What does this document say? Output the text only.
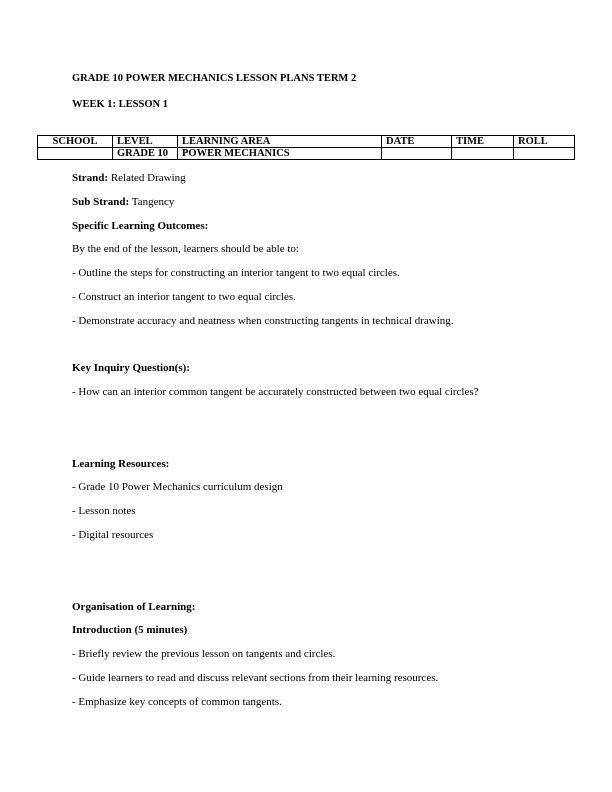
GRADE 10 POWER MECHANICS LESSON PLANS TERM 2
WEEK 1: LESSON 1
SCHOOL	LEVEL	LEARNING AREA	DATE	TIME	ROLL
	GRADE 10	POWER MECHANICS			
Strand: Related Drawing
Sub Strand: Tangency
Specific Learning Outcomes:
By the end of the lesson, learners should be able to:
- Outline the steps for constructing an interior tangent to two equal circles.
- Construct an interior tangent to two equal circles.
- Demonstrate accuracy and neatness when constructing tangents in technical drawing.
Key Inquiry Question(s):
- How can an interior common tangent be accurately constructed between two equal circles?
Learning Resources:
- Grade 10 Power Mechanics curriculum design
- Lesson notes
- Digital resources
Organisation of Learning:
Introduction (5 minutes)
- Briefly review the previous lesson on tangents and circles.
- Guide learners to read and discuss relevant sections from their learning resources.
- Emphasize key concepts of common tangents.
